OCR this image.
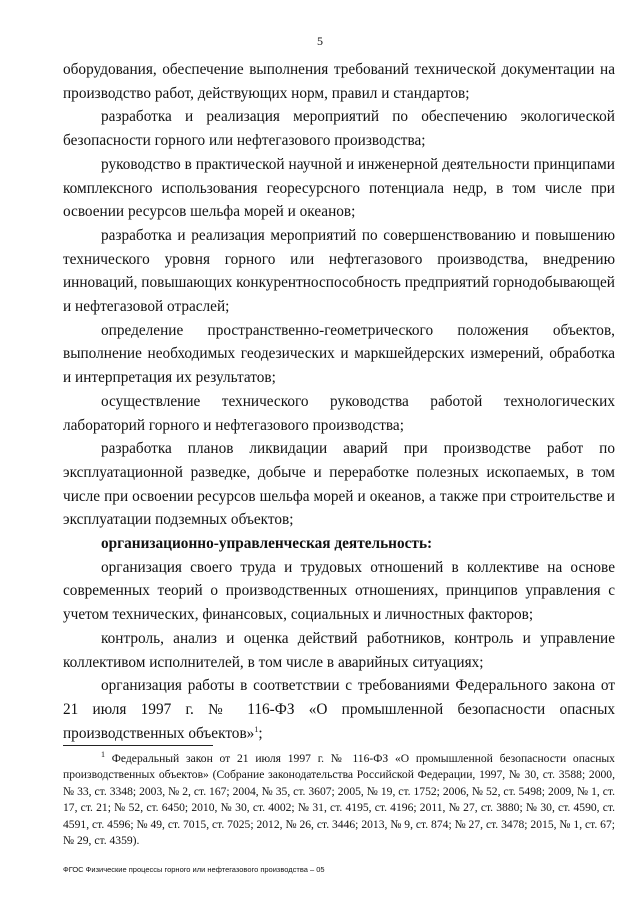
5

оборудования, обеспечение выполнения требований технической документации на производство работ, действующих норм, правил и стандартов;

разработка и реализация мероприятий по обеспечению экологической безопасности горного или нефтегазового производства;

руководство в практической научной и инженерной деятельности принципами комплексного использования георесурсного потенциала недр, в том числе при освоении ресурсов шельфа морей и океанов;

разработка и реализация мероприятий по совершенствованию и повышению технического уровня горного или нефтегазового производства, внедрению инноваций, повышающих конкурентноспособность предприятий горнодобывающей и нефтегазовой отраслей;

определение пространственно-геометрического положения объектов, выполнение необходимых геодезических и маркшейдерских измерений, обработка и интерпретация их результатов;

осуществление технического руководства работой технологических лабораторий горного и нефтегазового производства;

разработка планов ликвидации аварий при производстве работ по эксплуатационной разведке, добыче и переработке полезных ископаемых, в том числе при освоении ресурсов шельфа морей и океанов, а также при строительстве и эксплуатации подземных объектов;

организационно-управленческая деятельность:

организация своего труда и трудовых отношений в коллективе на основе современных теорий о производственных отношениях, принципов управления с учетом технических, финансовых, социальных и личностных факторов;

контроль, анализ и оценка действий работников, контроль и управление коллективом исполнителей, в том числе в аварийных ситуациях;

организация работы в соответствии с требованиями Федерального закона от 21 июля 1997 г. № 116-ФЗ «О промышленной безопасности опасных производственных объектов»$^1$;

$^1$ Федеральный закон от 21 июля 1997 г. № 116-ФЗ «О промышленной безопасности опасных производственных объектов» (Собрание законодательства Российской Федерации, 1997, № 30, ст. 3588; 2000, № 33, ст. 3348; 2003, № 2, ст. 167; 2004, № 35, ст. 3607; 2005, № 19, ст. 1752; 2006, № 52, ст. 5498; 2009, № 1, ст. 17, ст. 21; № 52, ст. 6450; 2010, № 30, ст. 4002; № 31, ст. 4195, ст. 4196; 2011, № 27, ст. 3880; № 30, ст. 4590, ст. 4591, ст. 4596; № 49, ст. 7015, ст. 7025; 2012, № 26, ст. 3446; 2013, № 9, ст. 874; № 27, ст. 3478; 2015, № 1, ст. 67; № 29, ст. 4359).

ФГОС Физические процессы горного или нефтегазового производства – 05
